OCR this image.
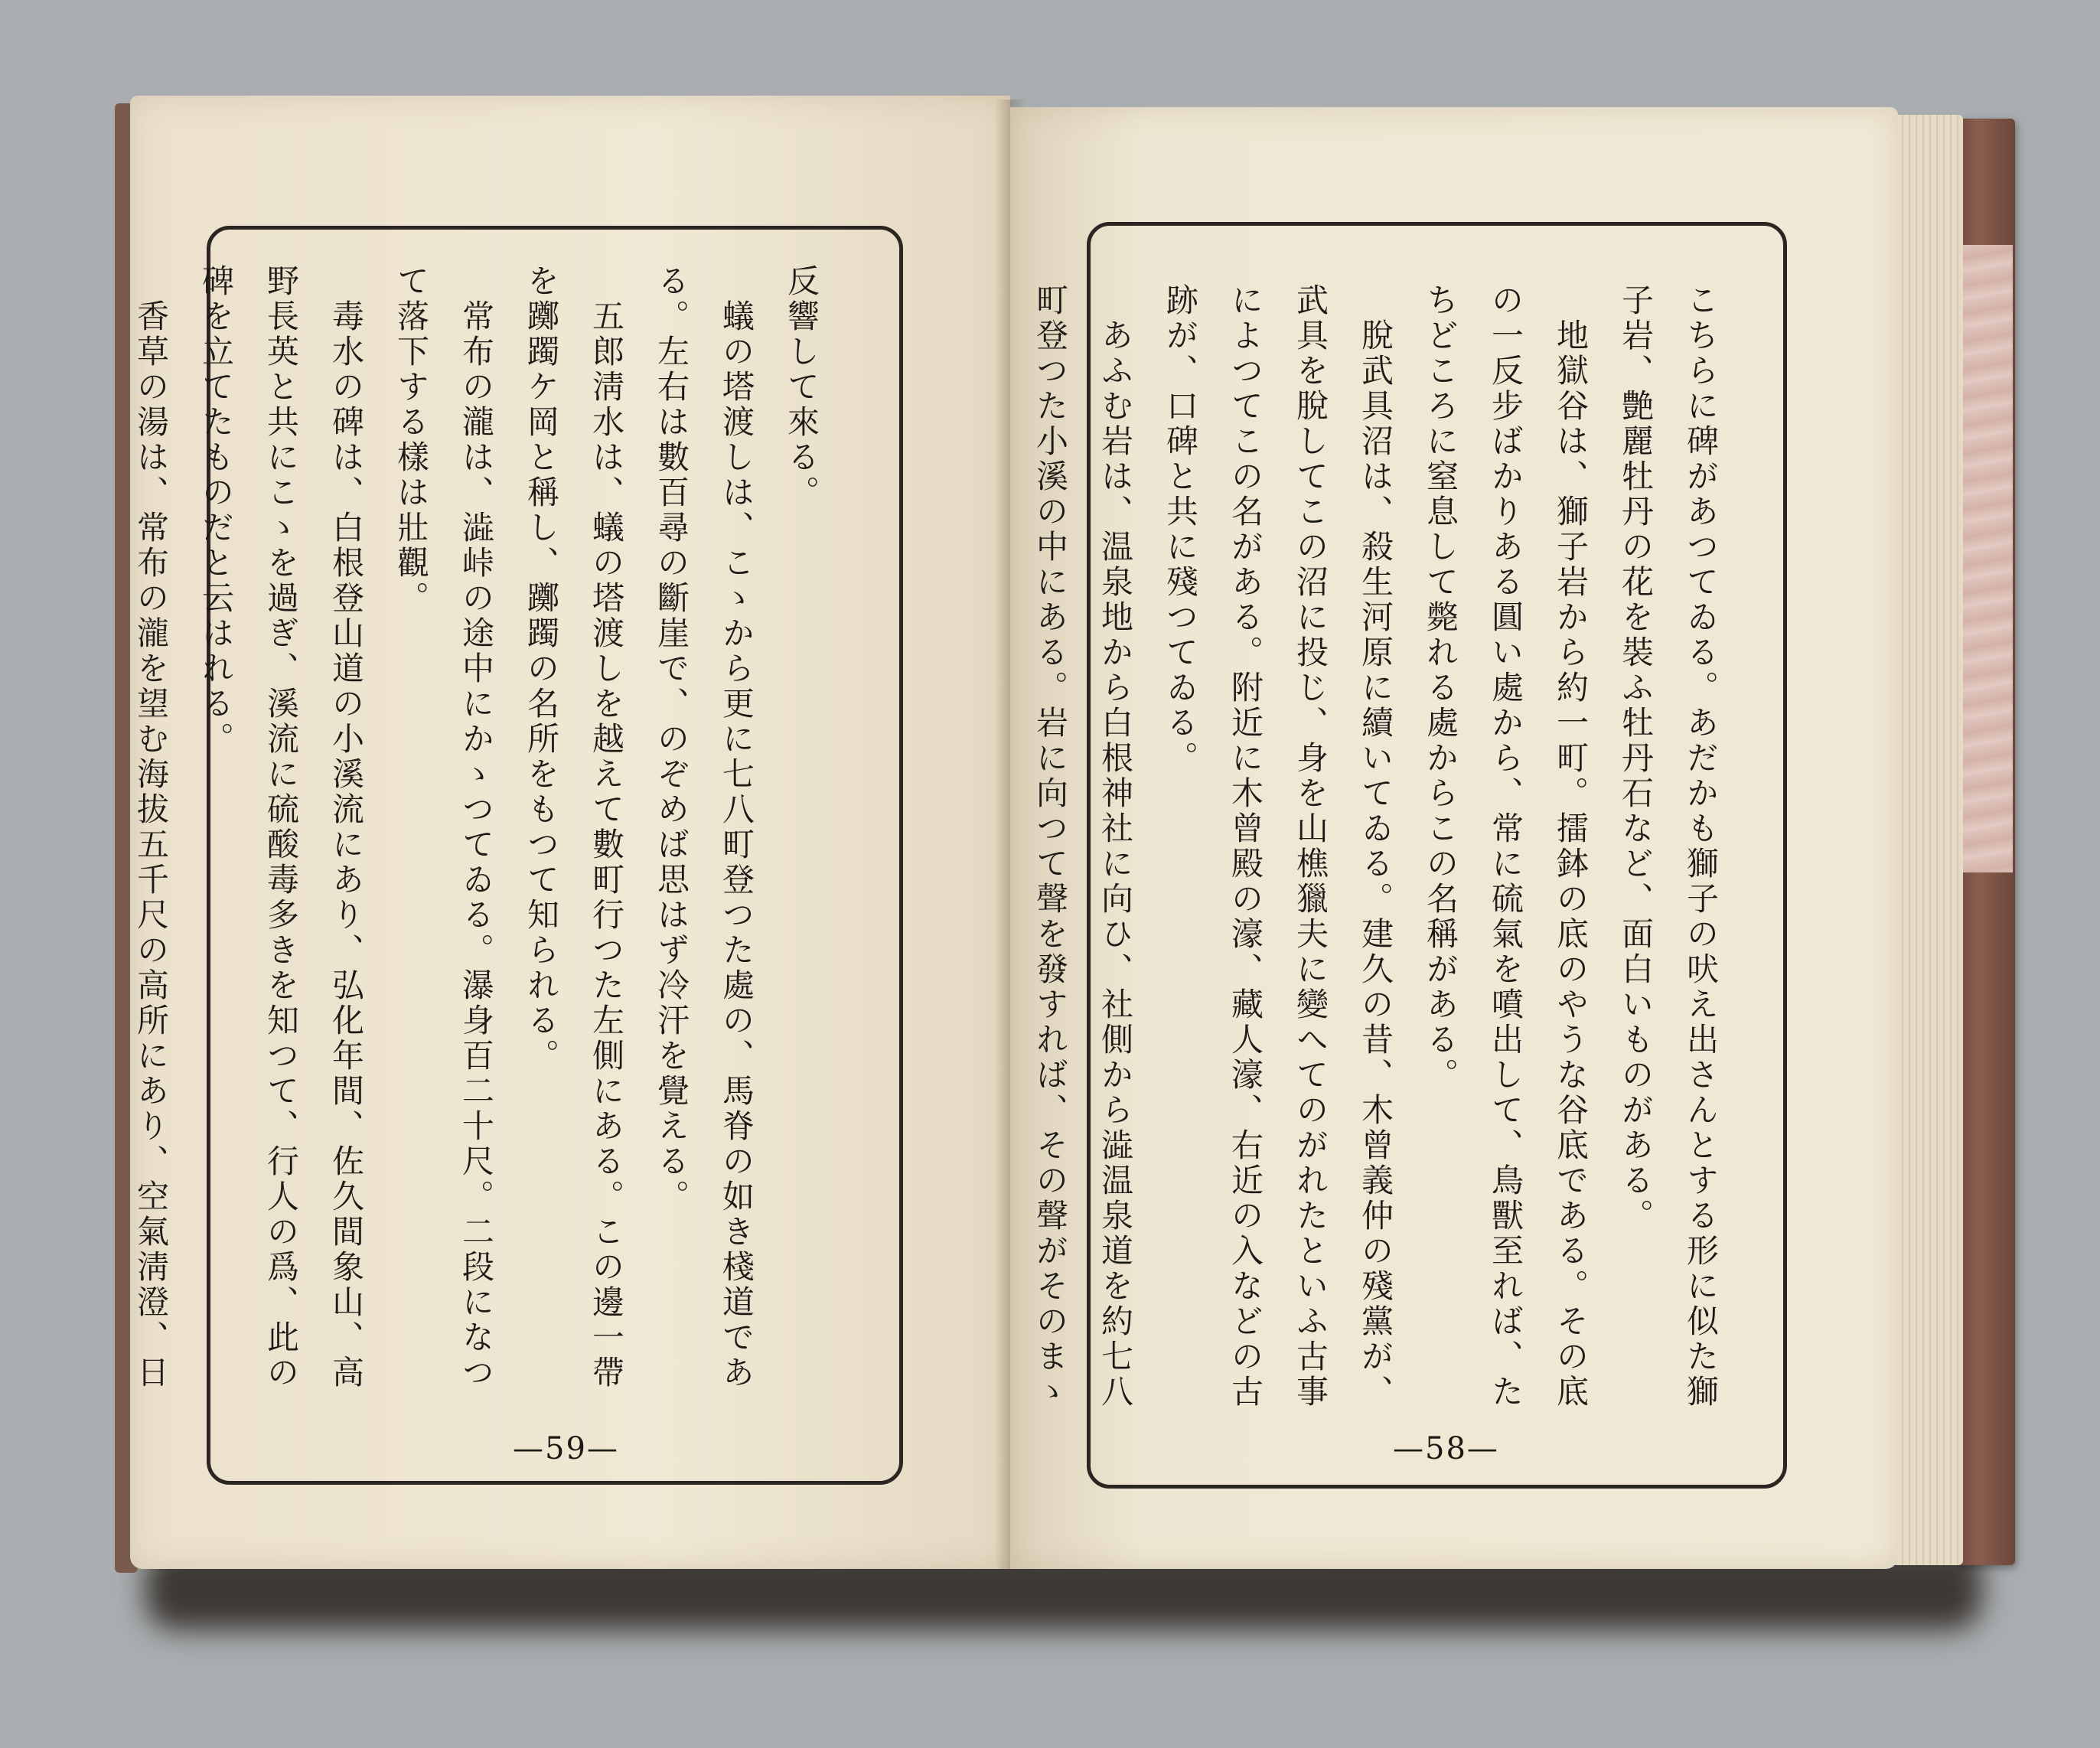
反響して來る。
蟻の塔渡しは、こゝから更に七八町登つた處の、馬脊の如き棧道であ
る。左右は數百尋の斷崖で、のぞめば思はず冷汗を覺える。
五郎淸水は、蟻の塔渡しを越えて數町行つた左側にある。この邊一帶
を躑躅ケ岡と稱し、躑躅の名所をもつて知られる。
常布の瀧は、澁峠の途中にかゝつてゐる。瀑身百二十尺。二段になつ
て落下する樣は壯觀。
毒水の碑は、白根登山道の小溪流にあり、弘化年間、佐久間象山、高
野長英と共にこゝを過ぎ、溪流に硫酸毒多きを知つて、行人の爲、此の
碑を立てたものだと云はれる。
香草の湯は、常布の瀧を望む海拔五千尺の高所にあり、空氣淸澄、日
—59—
こちらに碑があつてゐる。あだかも獅子の吠え出さんとする形に似た獅
子岩、艶麗牡丹の花を裝ふ牡丹石など、面白いものがある。
地獄谷は、獅子岩から約一町。擂鉢の底のやうな谷底である。その底
の一反步ばかりある圓い處から、常に硫氣を噴出して、鳥獸至れば、た
ちどころに窒息して斃れる處からこの名稱がある。
脫武具沼は、殺生河原に續いてゐる。建久の昔、木曾義仲の殘黨が、
武具を脫してこの沼に投じ、身を山樵獵夫に變へてのがれたといふ古事
によつてこの名がある。附近に木曾殿の濠、藏人濠、右近の入などの古
跡が、口碑と共に殘つてゐる。
あふむ岩は、温泉地から白根神社に向ひ、社側から澁温泉道を約七八
町登つた小溪の中にある。岩に向つて聲を發すれば、その聲がそのまゝ
—58—
